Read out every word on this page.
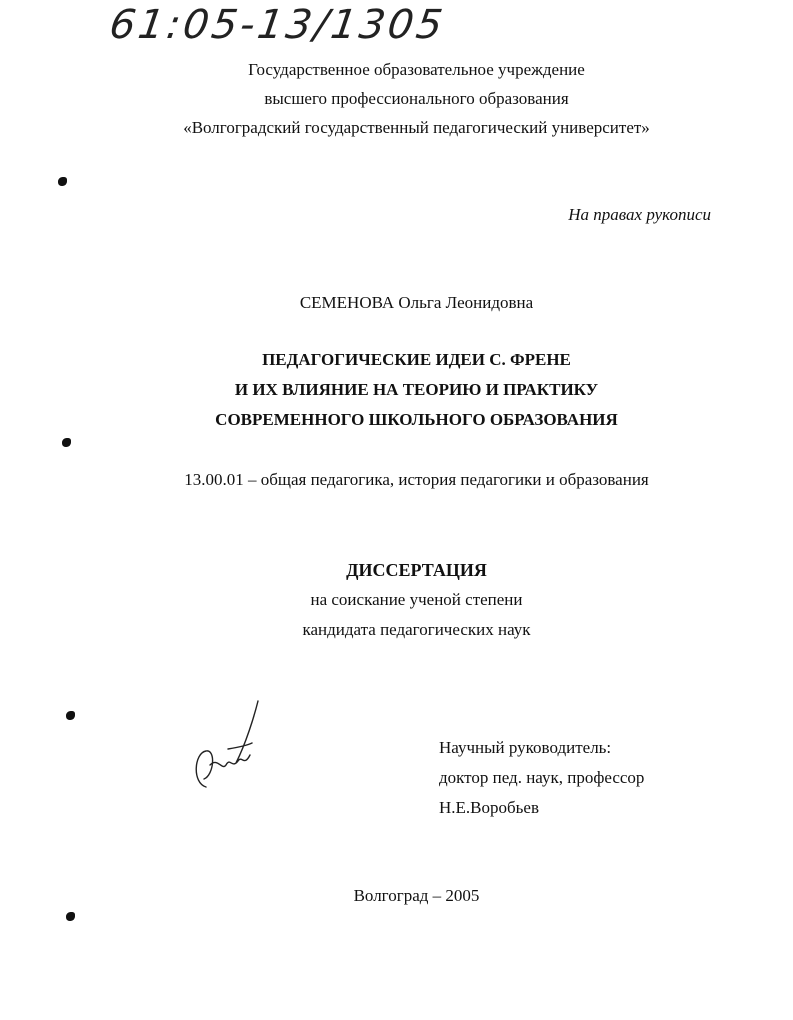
61:05-13/1305
Государственное образовательное учреждение
высшего профессионального образования
«Волгоградский государственный педагогический университет»
На правах рукописи
СЕМЕНОВА Ольга Леонидовна
ПЕДАГОГИЧЕСКИЕ ИДЕИ С. ФРЕНЕ
И ИХ ВЛИЯНИЕ НА ТЕОРИЮ И ПРАКТИКУ
СОВРЕМЕННОГО ШКОЛЬНОГО ОБРАЗОВАНИЯ
13.00.01 – общая педагогика, история педагогики и образования
ДИССЕРТАЦИЯ
на соискание ученой степени
кандидата педагогических наук
Научный руководитель:
доктор пед. наук, профессор
Н.Е.Воробьев
Волгоград – 2005
